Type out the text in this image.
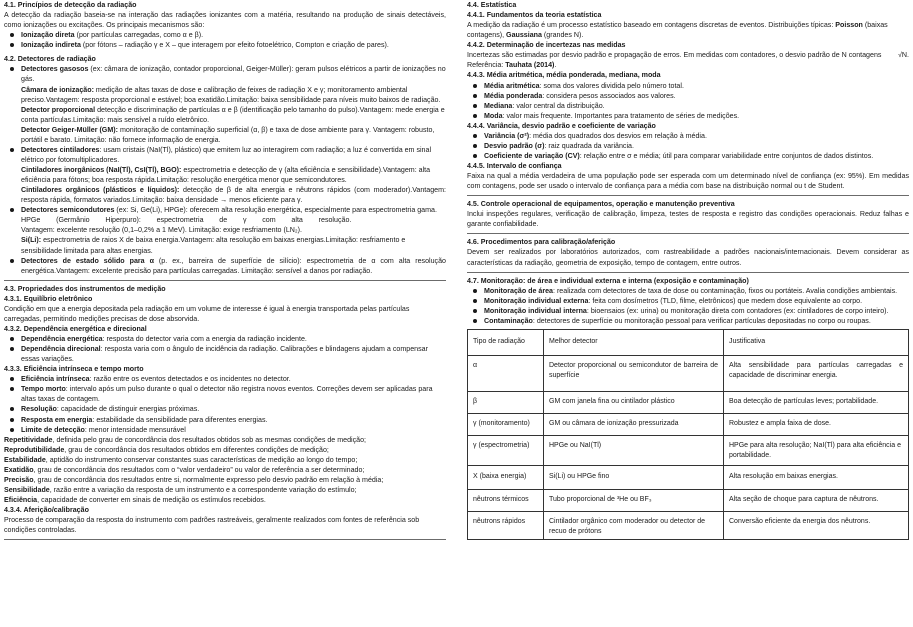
4.1. Princípios de detecção da radiação
A detecção da radiação baseia-se na interação das radiações ionizantes com a matéria, resultando na produção de sinais detectáveis, como ionizações ou excitações. Os principais mecanismos são:
Ionização direta (por partículas carregadas, como α e β).
Ionização indireta (por fótons – radiação γ e X – que interagem por efeito fotoelétrico, Compton e criação de pares).
4.2. Detectores de radiação
Detectores gasosos (ex: câmara de ionização, contador proporcional, Geiger-Müller): geram pulsos elétricos a partir de ionizações no gás.
Câmara de ionização: medição de altas taxas de dose e calibração de feixes de radiação X e γ; monitoramento ambiental preciso.Vantagem: resposta proporcional e estável; boa exatidão.Limitação: baixa sensibilidade para níveis muito baixos de radiação.
Detector proporcional detecção e discriminação de partículas α e β (identificação pelo tamanho do pulso).Vantagem: mede energia e conta partículas.Limitação: mais sensível a ruído eletrônico.
Detector Geiger-Müller (GM): monitoração de contaminação superficial (α, β) e taxa de dose ambiente para γ. Vantagem: robusto, portátil e barato. Limitação: não fornece informação de energia.
Detectores cintiladores: usam cristais (NaI(Tl), plástico) que emitem luz ao interagirem com radiação; a luz é convertida em sinal elétrico por fotomultiplicadores.
Cintiladores inorgânicos (NaI(Tl), CsI(Tl), BGO): espectrometria e detecção de γ (alta eficiência e sensibilidade).Vantagem: alta eficiência para fótons; boa resposta rápida.Limitação: resolução energética menor que semicondutores.
Cintiladores orgânicos (plásticos e líquidos): detecção de β de alta energia e nêutrons rápidos (com moderador).Vantagem: resposta rápida, formatos variados.Limitação: baixa densidade → menos eficiente para γ.
Detectores semicondutores (ex: Si, Ge(Li), HPGe): oferecem alta resolução energética, especialmente para espectrometria gama.
HPGe        (Germânio        Hiperpuro):        espectrometria        de        γ        com        alta        resolução.
Vantagem: excelente resolução (0,1–0,2% a 1 MeV). Limitação: exige resfriamento (LN₂).
Si(Li): espectrometria de raios X de baixa energia.Vantagem: alta resolução em baixas energias.Limitação: resfriamento e sensibilidade limitada para altas energias.
Detectores de estado sólido para α (p. ex., barreira de superfície de silício): espectrometria de α com alta resolução energética.Vantagem: excelente precisão para partículas carregadas. Limitação: sensível a danos por radiação.
4.3. Propriedades dos instrumentos de medição
4.3.1. Equilíbrio eletrônico
Condição em que a energia depositada pela radiação em um volume de interesse é igual à energia transportada pelas partículas carregadas, permitindo medições precisas de dose absorvida.
4.3.2. Dependência energética e direcional
Dependência energética: resposta do detector varia com a energia da radiação incidente.
Dependência direcional: resposta varia com o ângulo de incidência da radiação. Calibrações e blindagens ajudam a compensar essas variações.
4.3.3. Eficiência intrínseca e tempo morto
Eficiência intrínseca: razão entre os eventos detectados e os incidentes no detector.
Tempo morto: intervalo após um pulso durante o qual o detector não registra novos eventos. Correções devem ser aplicadas para altas taxas de contagem.
Resolução: capacidade de distinguir energias próximas.
Resposta em energia: estabilidade da sensibilidade para diferentes energias.
Limite de detecção: menor intensidade mensurável
Repetitividade, definida pelo grau de concordância dos resultados obtidos sob as mesmas condições de medição;
Reprodutibilidade, grau de concordância dos resultados obtidos em diferentes condições de medição;
Estabilidade, aptidão do instrumento conservar constantes suas características de medição ao longo do tempo;
Exatidão, grau de concordância dos resultados com o “valor verdadeiro” ou valor de referência a ser determinado;
Precisão, grau de concordância dos resultados entre si, normalmente expresso pelo desvio padrão em relação à média;
Sensibilidade, razão entre a variação da resposta de um instrumento e a correspondente variação do estímulo;
Eficiência, capacidade de converter em sinais de medição os estímulos recebidos.
4.3.4. Aferição/calibração
Processo de comparação da resposta do instrumento com padrões rastreáveis, geralmente realizados com fontes de referência sob condições controladas.
4.4. Estatística
4.4.1. Fundamentos da teoria estatística
A medição da radiação é um processo estatístico baseado em contagens discretas de eventos. Distribuições típicas: Poisson (baixas contagens), Gaussiana (grandes N).
4.4.2. Determinação de incertezas nas medidas
Incertezas são estimadas por desvio padrão e propagação de erros. Em medidas com contadores, o desvio padrão de N contagens √N.
Referência: Tauhata (2014).
4.4.3. Média aritmética, média ponderada, mediana, moda
Média aritmética: soma dos valores dividida pelo número total.
Média ponderada: considera pesos associados aos valores.
Mediana: valor central da distribuição.
Moda: valor mais frequente. Importantes para tratamento de séries de medições.
4.4.4. Variância, desvio padrão e coeficiente de variação
Variância (σ²): média dos quadrados dos desvios em relação à média.
Desvio padrão (σ): raiz quadrada da variância.
Coeficiente de variação (CV): relação entre σ e média; útil para comparar variabilidade entre conjuntos de dados distintos.
4.4.5. Intervalo de confiança
Faixa na qual a média verdadeira de uma população pode ser esperada com um determinado nível de confiança (ex: 95%). Em medidas com contagens, pode ser usado o intervalo de confiança para a média com base na distribuição normal ou t de Student.
4.5. Controle operacional de equipamentos, operação e manutenção preventiva
Inclui inspeções regulares, verificação de calibração, limpeza, testes de resposta e registro das condições operacionais. Reduz falhas e garante confiabilidade.
4.6. Procedimentos para calibração/aferição
Devem ser realizados por laboratórios autorizados, com rastreabilidade a padrões nacionais/internacionais. Devem considerar as características da radiação, geometria de exposição, tempo de contagem, entre outros.
4.7. Monitoração: de área e individual externa e interna (exposição e contaminação)
Monitoração de área: realizada com detectores de taxa de dose ou contaminação, fixos ou portáteis. Avalia condições ambientais.
Monitoração individual externa: feita com dosímetros (TLD, filme, eletrônicos) que medem dose equivalente ao corpo.
Monitoração individual interna: bioensaios (ex: urina) ou monitoração direta com contadores (ex: cintiladores de corpo inteiro).
Contaminação: detectores de superfície ou monitoração pessoal para verificar partículas depositadas no corpo ou roupas.
Tipo de radiação	Melhor detector	Justificativa
α	Detector proporcional ou semicondutor de barreira de superfície	Alta sensibilidade para partículas carregadas e capacidade de discriminar energia.
β	GM com janela fina ou cintilador plástico	Boa detecção de partículas leves; portabilidade.
γ (monitoramento)	GM ou câmara de ionização pressurizada	Robustez e ampla faixa de dose.
γ (espectrometria)	HPGe ou NaI(Tl)	HPGe para alta resolução; NaI(Tl) para alta eficiência e portabilidade.
X (baixa energia)	Si(Li) ou HPGe fino	Alta resolução em baixas energias.
nêutrons térmicos	Tubo proporcional de ³He ou BF₃	Alta seção de choque para captura de nêutrons.
nêutrons rápidos	Cintilador orgânico com moderador ou detector de recuo de prótons	Conversão eficiente da energia dos nêutrons.
